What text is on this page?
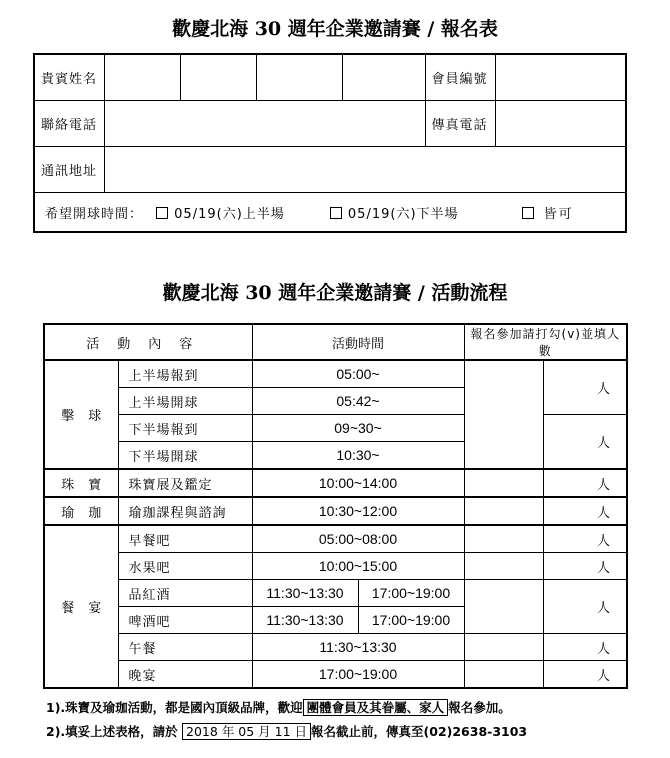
歡慶北海 30 週年企業邀請賽 / 報名表
貴賓姓名					會員編號	
聯絡電話					傳真電話	
通訊地址						
希望開球時間： 05/19(六)上半場 05/19(六)下半場 皆可						
歡慶北海 30 週年企業邀請賽 / 活動流程
活動內容		活動時間	報名參加請打勾(v)並填人數	
擊球	上半場報到	05:00~		人
	上半場開球	05:42~		
	下半場報到	09~30~		人
	下半場開球	10:30~		
珠寶	珠寶展及鑑定	10:00~14:00		人
瑜珈	瑜珈課程與諮詢	10:30~12:00		人
餐宴	早餐吧	05:00~08:00		人
	水果吧	10:00~15:00		人
	品紅酒	11:30~13:30 17:00~19:00		人
	啤酒吧	11:30~13:30 17:00~19:00		

	午餐	11:30~13:30		人
	晚宴	17:00~19:00		人
1).珠寶及瑜珈活動，都是國內頂級品牌，歡迎 團體會員及其眷屬、家人 報名參加。
2).填妥上述表格，請於 2018 年 05 月 11 日 報名截止前，傳真至(02)2638-3103
